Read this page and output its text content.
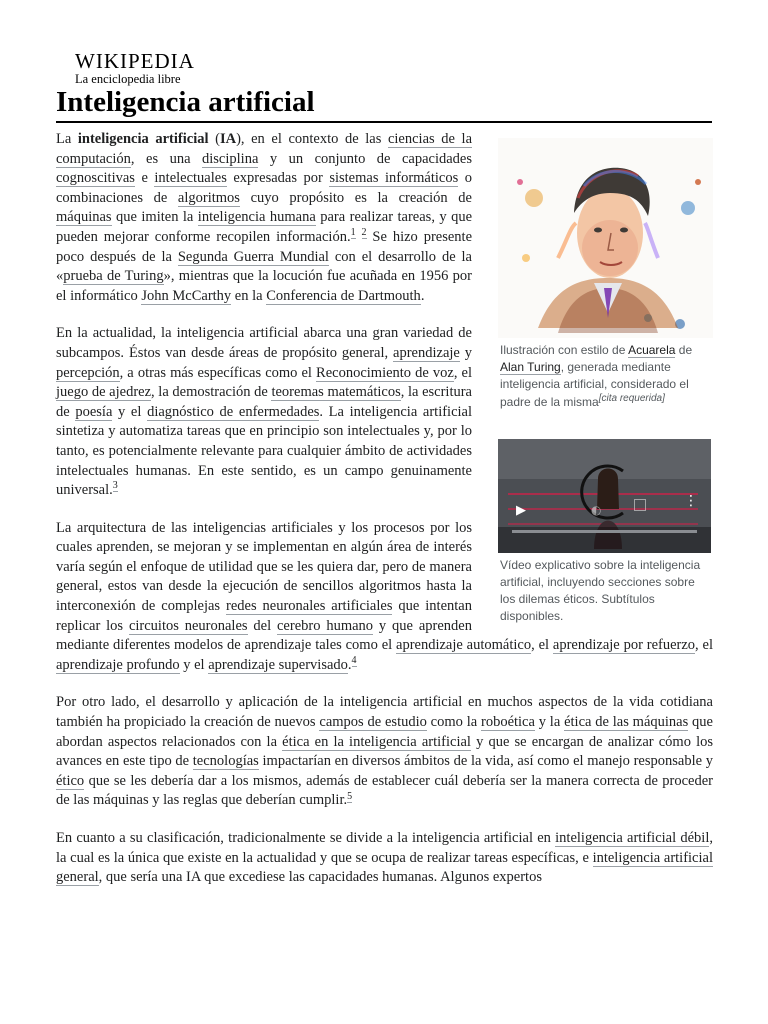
WIKIPEDIA
La enciclopedia libre
Inteligencia artificial
Ilustración con estilo de Acuarela de Alan Turing, generada mediante inteligencia artificial, considerado el padre de la misma[cita requerida]
▶	◐
⋮
Vídeo explicativo sobre la inteligencia artificial, incluyendo secciones sobre los dilemas éticos. Subtítulos disponibles.

La inteligencia artificial (IA), en el contexto de las ciencias de la computación, es una disciplina y un conjunto de capacidades cognoscitivas e intelectuales expresadas por sistemas informáticos o combinaciones de algoritmos cuyo propósito es la creación de máquinas que imiten la inteligencia humana para realizar tareas, y que pueden mejorar conforme recopilen información.$^1$ $^2$ Se hizo presente poco después de la Segunda Guerra Mundial con el desarrollo de la «prueba de Turing», mientras que la locución fue acuñada en 1956 por el informático John McCarthy en la Conferencia de Dartmouth.

En la actualidad, la inteligencia artificial abarca una gran variedad de subcampos. Éstos van desde áreas de propósito general, aprendizaje y percepción, a otras más específicas como el Reconocimiento de voz, el juego de ajedrez, la demostración de teoremas matemáticos, la escritura de poesía y el diagnóstico de enfermedades. La inteligencia artificial sintetiza y automatiza tareas que en principio son intelectuales y, por lo tanto, es potencialmente relevante para cualquier ámbito de actividades intelectuales humanas. En este sentido, es un campo genuinamente universal.$^3$

La arquitectura de las inteligencias artificiales y los procesos por los cuales aprenden, se mejoran y se implementan en algún área de interés varía según el enfoque de utilidad que se les quiera dar, pero de manera general, estos van desde la ejecución de sencillos algoritmos hasta la interconexión de complejas redes neuronales artificiales que intentan replicar los circuitos neuronales del cerebro humano y que aprenden mediante diferentes modelos de aprendizaje tales como el aprendizaje automático, el aprendizaje por refuerzo, el aprendizaje profundo y el aprendizaje supervisado.$^4$

Por otro lado, el desarrollo y aplicación de la inteligencia artificial en muchos aspectos de la vida cotidiana también ha propiciado la creación de nuevos campos de estudio como la roboética y la ética de las máquinas que abordan aspectos relacionados con la ética en la inteligencia artificial y que se encargan de analizar cómo los avances en este tipo de tecnologías impactarían en diversos ámbitos de la vida, así como el manejo responsable y ético que se les debería dar a los mismos, además de establecer cuál debería ser la manera correcta de proceder de las máquinas y las reglas que deberían cumplir.$^5$

En cuanto a su clasificación, tradicionalmente se divide a la inteligencia artificial en inteligencia artificial débil, la cual es la única que existe en la actualidad y que se ocupa de realizar tareas específicas, e inteligencia artificial general, que sería una IA que excediese las capacidades humanas. Algunos expertos
